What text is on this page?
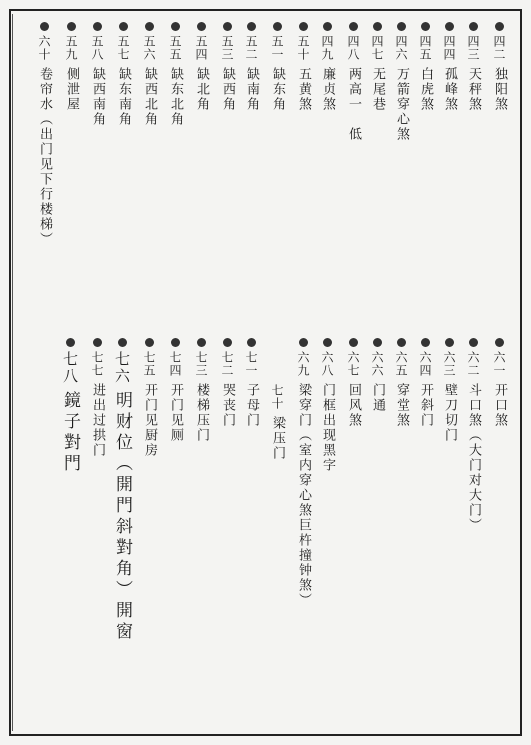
四二
独阳煞
四三
天秤煞
四四
孤峰煞
四五
白虎煞
四六
万箭穿心煞
四七
无尾巷
四八
两高一　低
四九
廉贞煞
五十
五黄煞
五一
缺东角
五二
缺南角
五三
缺西角
五四
缺北角
五五
缺东北角
五六
缺西北角
五七
缺东南角
五八
缺西南角
五九
侧泄屋
六十
卷帘水（出门见下行楼梯）
六一
开口煞
六二
斗口煞（大门对大门）
六三
壁刀切门
六四
开斜门
六五
穿堂煞
六六
门通
六七
回风煞
六八
门框出现黑字
六九
梁穿门（室内穿心煞巨杵撞钟煞）
七十
梁压门
七一
子母门
七二
哭丧门
七三
楼梯压门
七四
开门见厕
七五
开门见厨房
七六
明财位（開門斜對角）開窗
七七
进出过拱门
七八
鏡子對門
